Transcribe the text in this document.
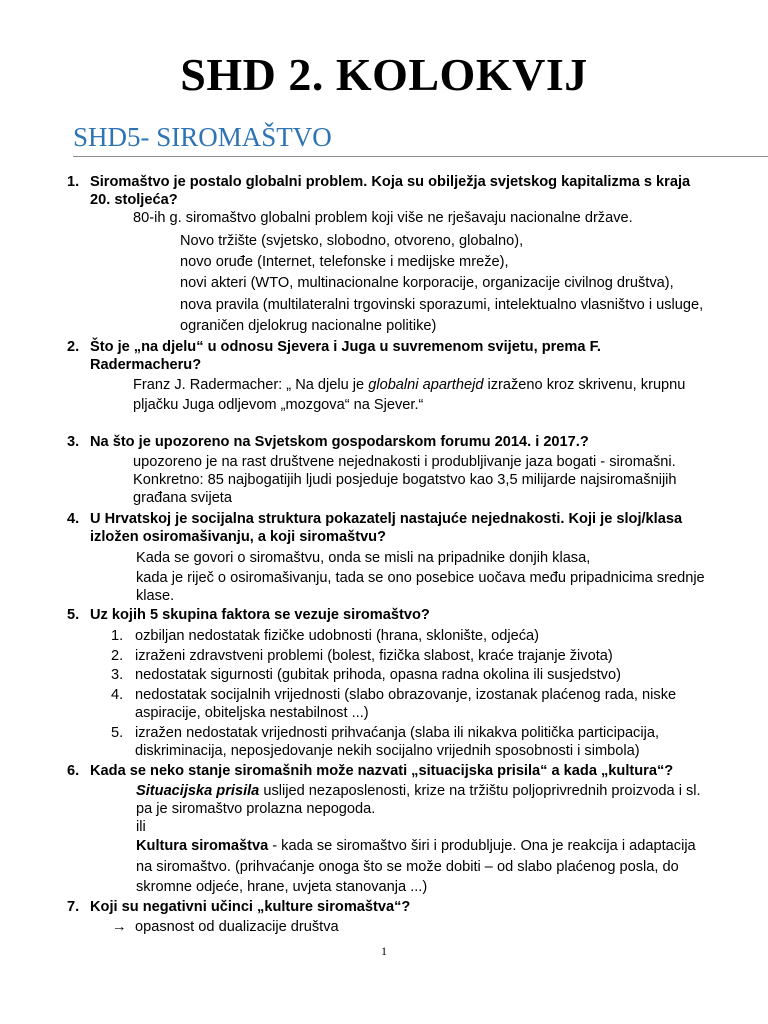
SHD 2. KOLOKVIJ
SHD5- SIROMAŠTVO
1. Siromaštvo je postalo globalni problem. Koja su obilježja svjetskog kapitalizma s kraja
20. stoljeća?
80-ih g. siromaštvo globalni problem koji više ne rješavaju nacionalne države.
Novo tržište (svjetsko, slobodno, otvoreno, globalno),
novo oruđe (Internet, telefonske i medijske mreže),
novi akteri (WTO, multinacionalne korporacije, organizacije civilnog društva),
nova pravila (multilateralni trgovinski sporazumi, intelektualno vlasništvo i usluge,
ograničen djelokrug nacionalne politike)
2. Što je „na djelu“ u odnosu Sjevera i Juga u suvremenom svijetu, prema F.
Radermacheru?
Franz J. Radermacher: „ Na djelu je globalni aparthejd izraženo kroz skrivenu, krupnu
pljačku Juga odljevom „mozgova“ na Sjever.“
3. Na što je upozoreno na Svjetskom gospodarskom forumu 2014. i 2017.?
upozoreno je na rast društvene nejednakosti i produbljivanje jaza bogati - siromašni.
Konkretno: 85 najbogatijih ljudi posjeduje bogatstvo kao 3,5 milijarde najsiromašnijih
građana svijeta
4. U Hrvatskoj je socijalna struktura pokazatelj nastajuće nejednakosti. Koji je sloj/klasa
izložen osiromašivanju, a koji siromaštvu?
Kada se govori o siromaštvu, onda se misli na pripadnike donjih klasa,
kada je riječ o osiromašivanju, tada se ono posebice uočava među pripadnicima srednje
klase.
5. Uz kojih 5 skupina faktora se vezuje siromaštvo?
1. ozbiljan nedostatak fizičke udobnosti (hrana, sklonište, odjeća)
2. izraženi zdravstveni problemi (bolest, fizička slabost, kraće trajanje života)
3. nedostatak sigurnosti (gubitak prihoda, opasna radna okolina ili susjedstvo)
4. nedostatak socijalnih vrijednosti (slabo obrazovanje, izostanak plaćenog rada, niske
aspiracije, obiteljska nestabilnost ...)
5. izražen nedostatak vrijednosti prihvaćanja (slaba ili nikakva politička participacija,
diskriminacija, neposjedovanje nekih socijalno vrijednih sposobnosti i simbola)
6. Kada se neko stanje siromašnih može nazvati „situacijska prisila“ a kada „kultura“?
Situacijska prisila uslijed nezaposlenosti, krize na tržištu poljoprivrednih proizvoda i sl.
pa je siromaštvo prolazna nepogoda.
ili
Kultura siromaštva - kada se siromaštvo širi i produbljuje. Ona je reakcija i adaptacija
na siromaštvo. (prihvaćanje onoga što se može dobiti – od slabo plaćenog posla, do
skromne odjeće, hrane, uvjeta stanovanja ...)
7. Koji su negativni učinci „kulture siromaštva“?
→ opasnost od dualizacije društva
1
